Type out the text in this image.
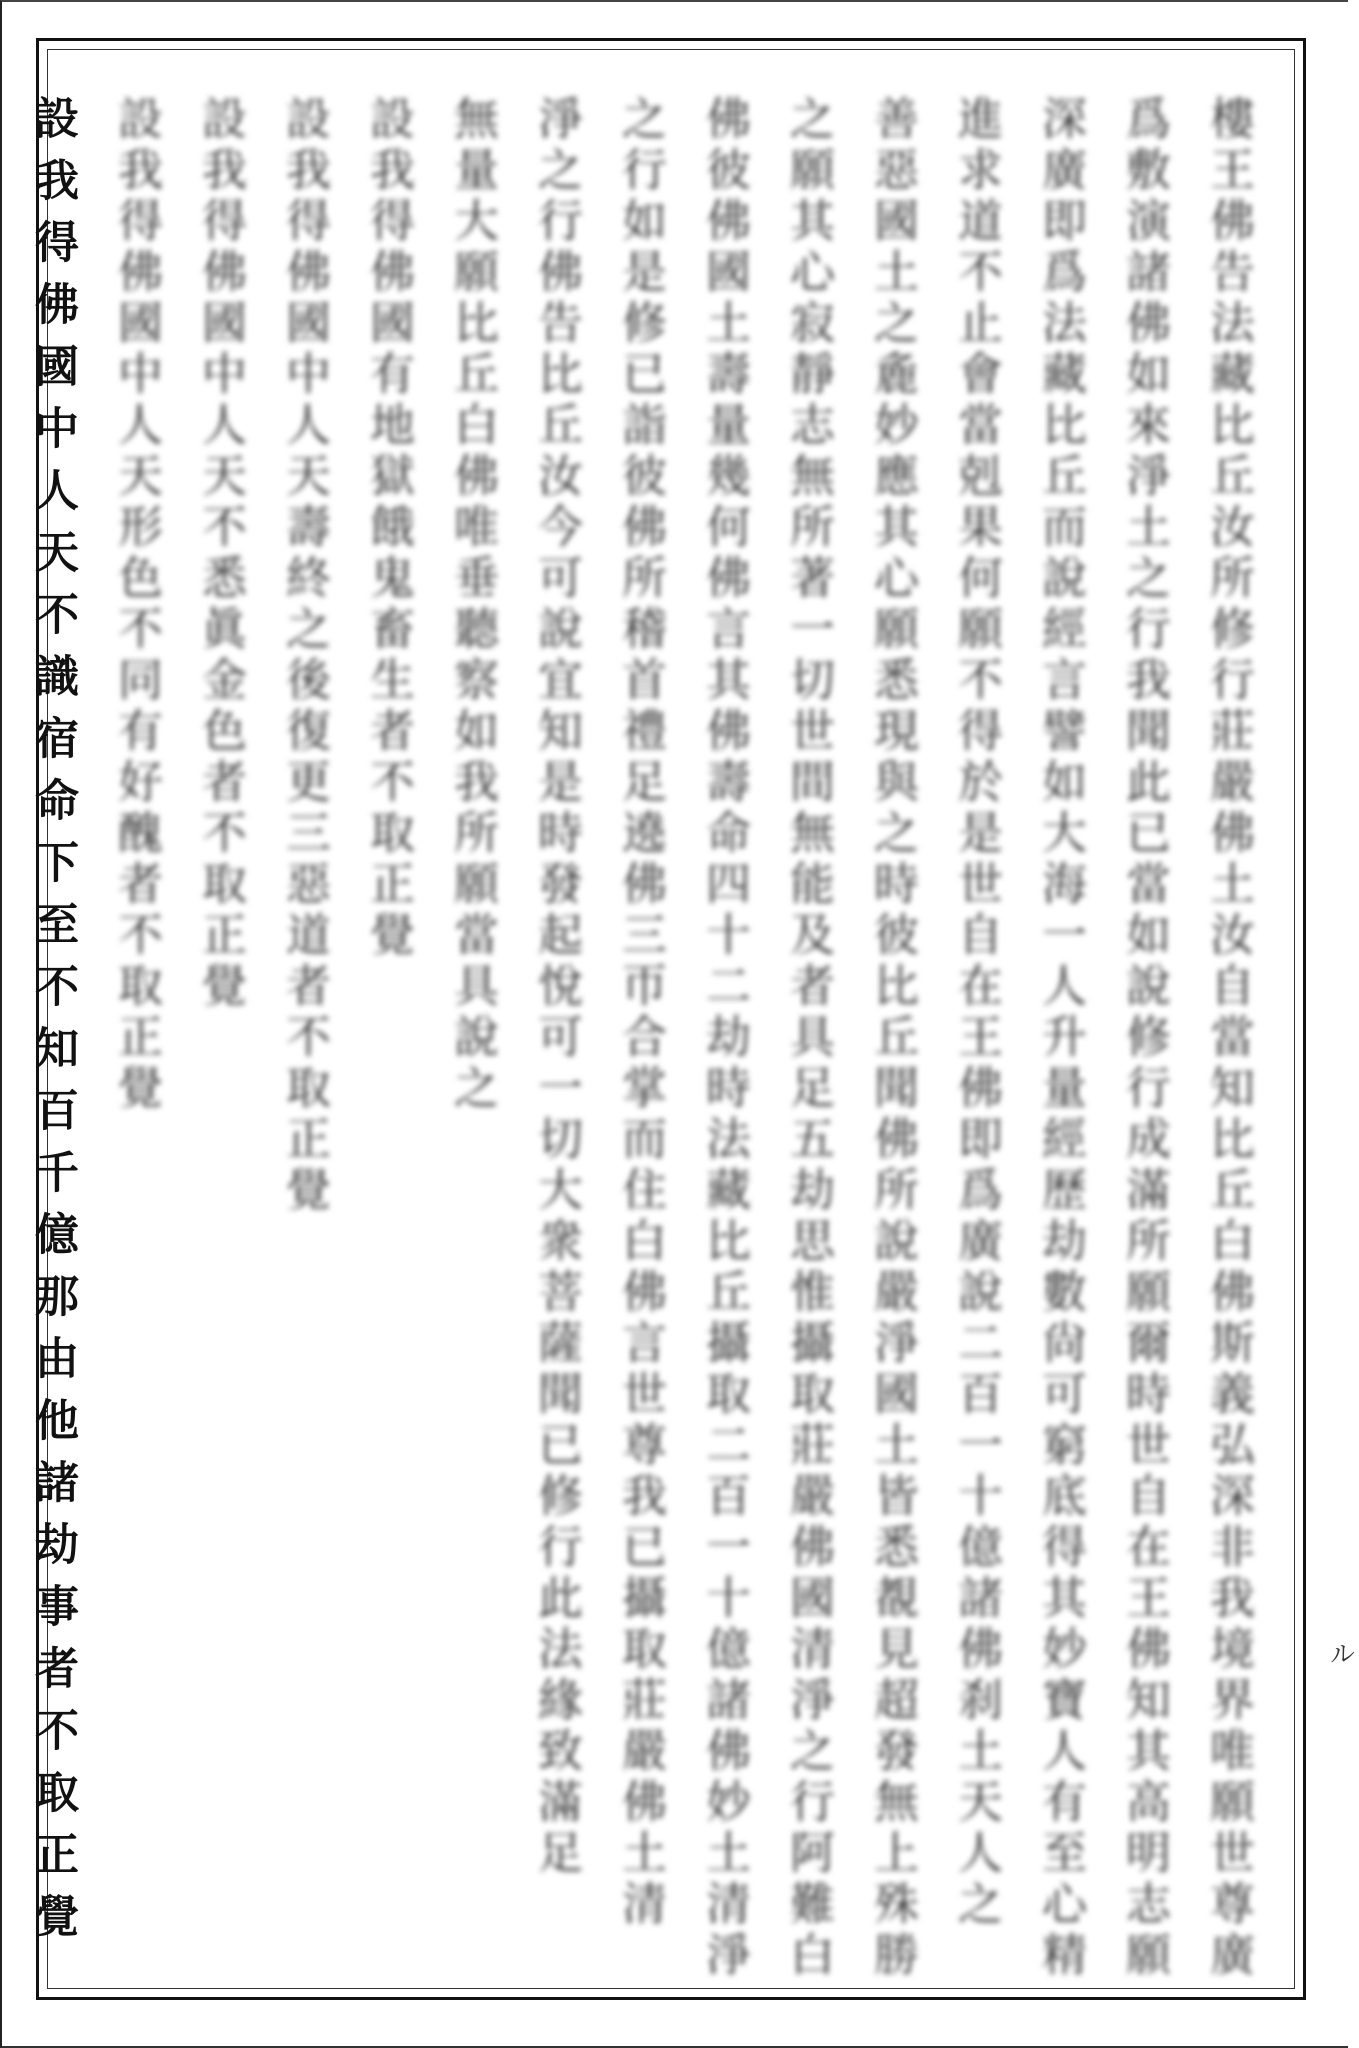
樓王佛告法藏比丘汝所修行莊嚴佛土汝自當知比丘白佛斯義弘深非我境界唯願世尊廣
爲敷演諸佛如來淨土之行我聞此已當如說修行成滿所願爾時世自在王佛知其高明志願
深廣即爲法藏比丘而說經言譬如大海一人升量經歷劫數尙可窮底得其妙寶人有至心精
進求道不止會當剋果何願不得於是世自在王佛即爲廣說二百一十億諸佛刹土天人之
善惡國土之麁妙應其心願悉現與之時彼比丘聞佛所說嚴淨國土皆悉覩見超發無上殊勝
之願其心寂靜志無所著一切世間無能及者具足五劫思惟攝取莊嚴佛國清淨之行阿難白
佛彼佛國土壽量幾何佛言其佛壽命四十二劫時法藏比丘攝取二百一十億諸佛妙土清淨
之行如是修已詣彼佛所稽首禮足遶佛三帀合掌而住白佛言世尊我已攝取莊嚴佛土清
淨之行佛告比丘汝今可說宜知是時發起悅可一切大衆菩薩聞已修行此法緣致滿足
無量大願比丘白佛唯垂聽察如我所願當具說之
設我得佛國有地獄餓鬼畜生者不取正覺
設我得佛國中人天壽終之後復更三惡道者不取正覺
設我得佛國中人天不悉眞金色者不取正覺
設我得佛國中人天形色不同有好醜者不取正覺
設我得佛國中人天不識宿命下至不知百千億那由他諸劫事者不取正覺	ル
